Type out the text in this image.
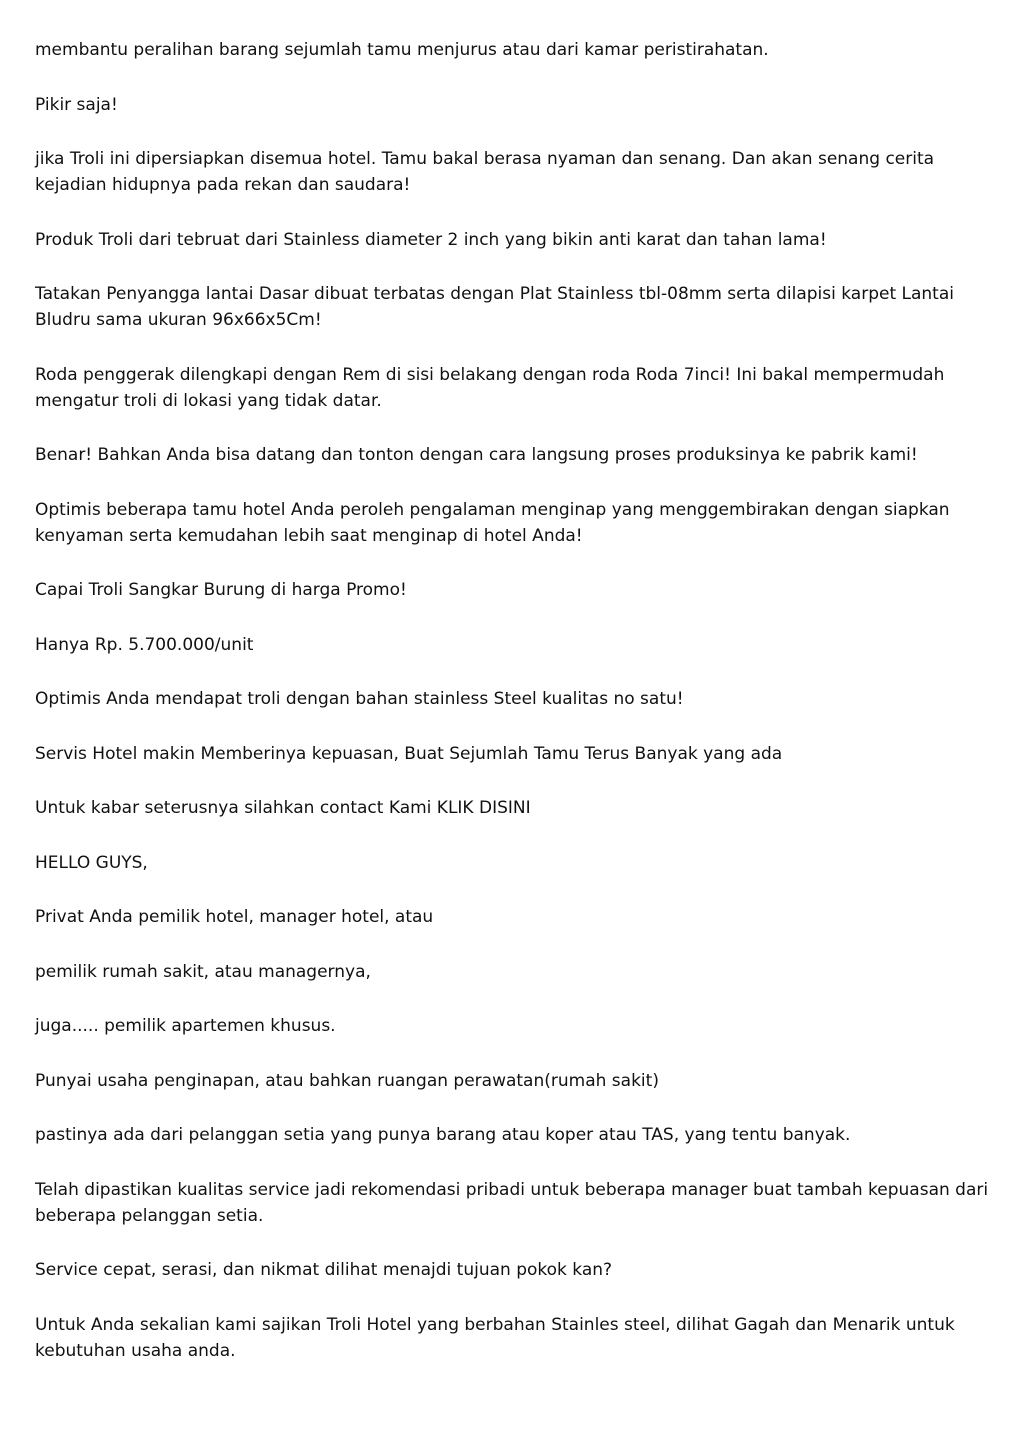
membantu peralihan barang sejumlah tamu menjurus atau dari kamar peristirahatan.

Pikir saja!

jika Troli ini dipersiapkan disemua hotel. Tamu bakal berasa nyaman dan senang. Dan akan senang cerita kejadian hidupnya pada rekan dan saudara!

Produk Troli dari tebruat dari Stainless diameter 2 inch yang bikin anti karat dan tahan lama!

Tatakan Penyangga lantai Dasar dibuat terbatas dengan Plat Stainless tbl-08mm serta dilapisi karpet Lantai Bludru sama ukuran 96x66x5Cm!

Roda penggerak dilengkapi dengan Rem di sisi belakang dengan roda Roda 7inci! Ini bakal mempermudah mengatur troli di lokasi yang tidak datar.

Benar! Bahkan Anda bisa datang dan tonton dengan cara langsung proses produksinya ke pabrik kami!

Optimis beberapa tamu hotel Anda peroleh pengalaman menginap yang menggembirakan dengan siapkan kenyaman serta kemudahan lebih saat menginap di hotel Anda!

Capai Troli Sangkar Burung di harga Promo!

Hanya Rp. 5.700.000/unit

Optimis Anda mendapat troli dengan bahan stainless Steel kualitas no satu!

Servis Hotel makin Memberinya kepuasan, Buat Sejumlah Tamu Terus Banyak yang ada

Untuk kabar seterusnya silahkan contact Kami KLIK DISINI

HELLO GUYS,

Privat Anda pemilik hotel, manager hotel, atau

pemilik rumah sakit, atau managernya,

juga..... pemilik apartemen khusus.

Punyai usaha penginapan, atau bahkan ruangan perawatan(rumah sakit)

pastinya ada dari pelanggan setia yang punya barang atau koper atau TAS, yang tentu banyak.

Telah dipastikan kualitas service jadi rekomendasi pribadi untuk beberapa manager buat tambah kepuasan dari beberapa pelanggan setia.

Service cepat, serasi, dan nikmat dilihat menajdi tujuan pokok kan?

Untuk Anda sekalian kami sajikan Troli Hotel yang berbahan Stainles steel, dilihat Gagah dan Menarik untuk kebutuhan usaha anda.
